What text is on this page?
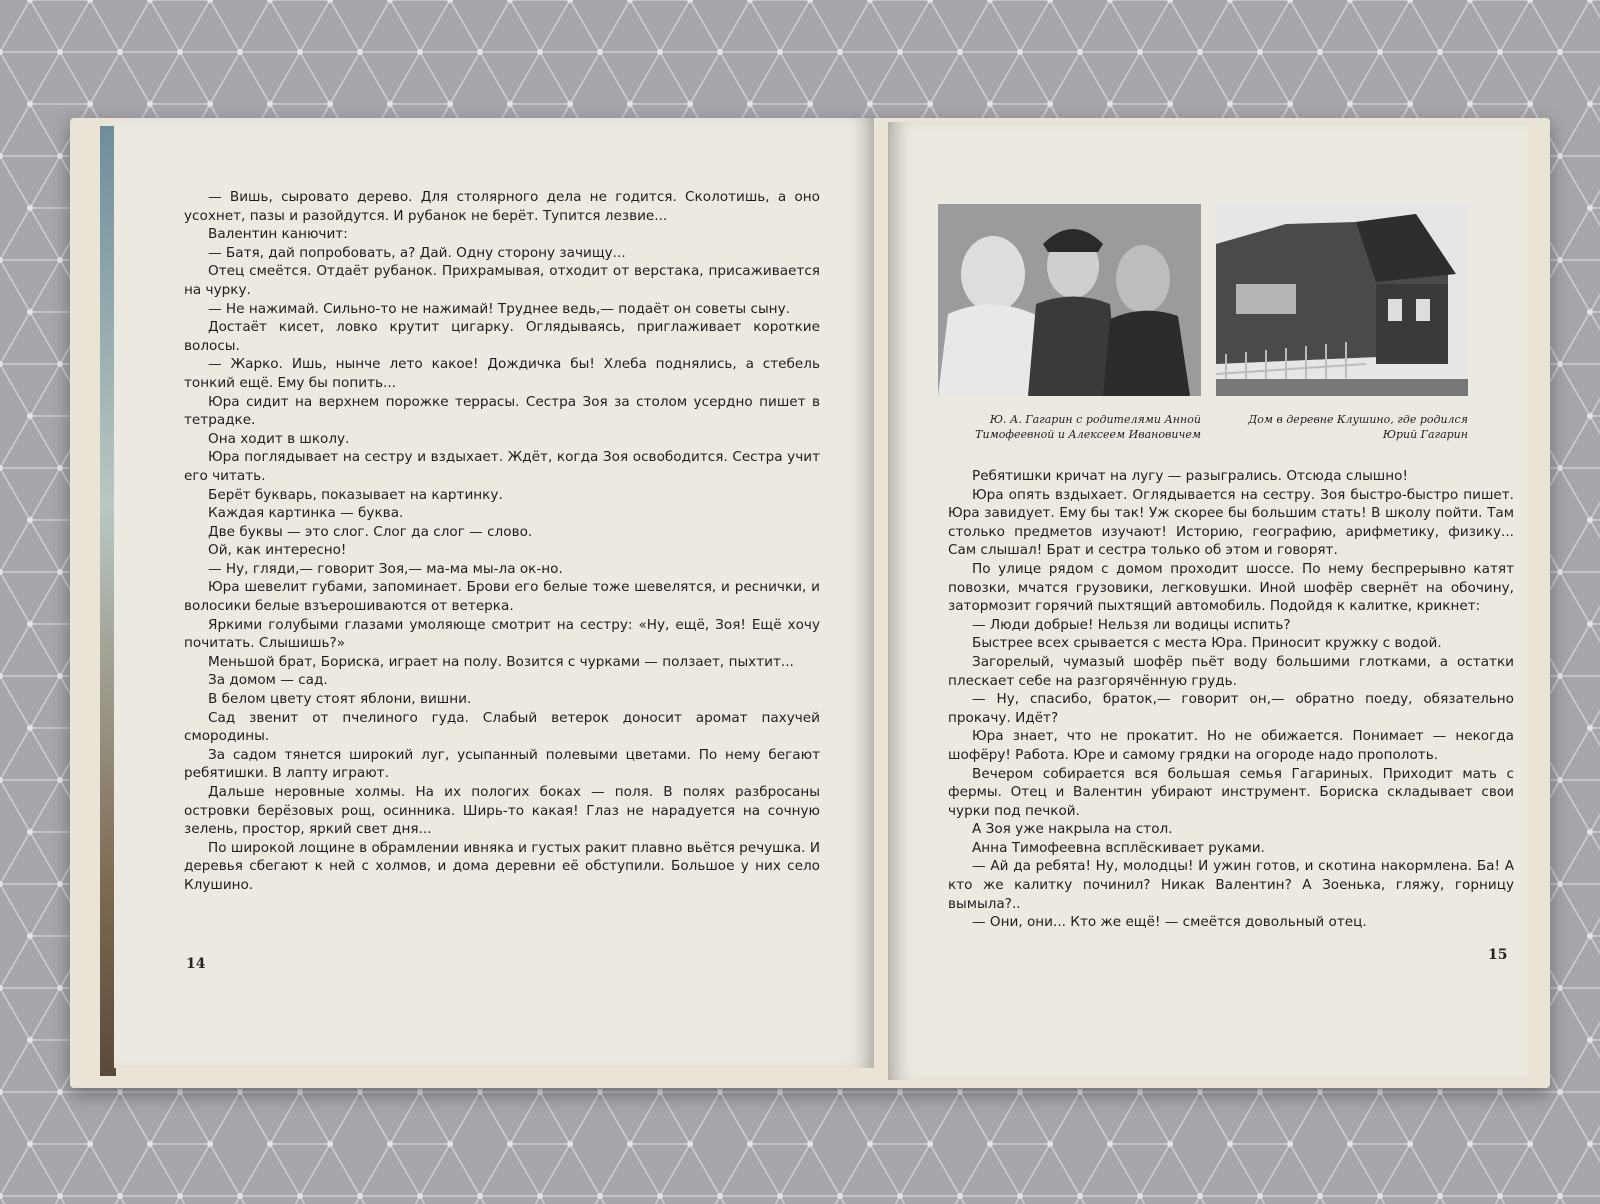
— Вишь, сыровато дерево. Для столярного дела не годится. Сколотишь, а оно усохнет, пазы и разойдутся. И рубанок не берёт. Тупится лезвие...

Валентин канючит:

— Батя, дай попробовать, а? Дай. Одну сторону зачищу...

Отец смеётся. Отдаёт рубанок. Прихрамывая, отходит от верстака, присаживается на чурку.

— Не нажимай. Сильно-то не нажимай! Труднее ведь,— подаёт он советы сыну.

Достаёт кисет, ловко крутит цигарку. Оглядываясь, приглаживает короткие волосы.

— Жарко. Ишь, нынче лето какое! Дождичка бы! Хлеба поднялись, а стебель тонкий ещё. Ему бы попить...

Юра сидит на верхнем порожке террасы. Сестра Зоя за столом усердно пишет в тетрадке.

Она ходит в школу.

Юра поглядывает на сестру и вздыхает. Ждёт, когда Зоя освободится. Сестра учит его читать.

Берёт букварь, показывает на картинку.

Каждая картинка — буква.

Две буквы — это слог. Слог да слог — слово.

Ой, как интересно!

— Ну, гляди,— говорит Зоя,— ма-ма мы-ла ок-но.

Юра шевелит губами, запоминает. Брови его белые тоже шевелятся, и реснички, и волосики белые взъерошиваются от ветерка.

Яркими голубыми глазами умоляюще смотрит на сестру: «Ну, ещё, Зоя! Ещё хочу почитать. Слышишь?»

Меньшой брат, Бориска, играет на полу. Возится с чурками — ползает, пыхтит...

За домом — сад.

В белом цвету стоят яблони, вишни.

Сад звенит от пчелиного гуда. Слабый ветерок доносит аромат пахучей смородины.

За садом тянется широкий луг, усыпанный полевыми цветами. По нему бегают ребятишки. В лапту играют.

Дальше неровные холмы. На их пологих боках — поля. В полях разбросаны островки берёзовых рощ, осинника. Ширь-то какая! Глаз не нарадуется на сочную зелень, простор, яркий свет дня...

По широкой лощине в обрамлении ивняка и густых ракит плавно вьётся речушка. И деревья сбегают к ней с холмов, и дома деревни её обступили. Большое у них село Клушино.

14
Ю. А. Гагарин с родителями Анной Тимофеевной и Алексеем Ивановичем
Дом в деревне Клушино, где родился Юрий Гагарин

Ребятишки кричат на лугу — разыгрались. Отсюда слышно!

Юра опять вздыхает. Оглядывается на сестру. Зоя быстро-быстро пишет. Юра завидует. Ему бы так! Уж скорее бы большим стать! В школу пойти. Там столько предметов изучают! Историю, географию, арифметику, физику... Сам слышал! Брат и сестра только об этом и говорят.

По улице рядом с домом проходит шоссе. По нему беспрерывно катят повозки, мчатся грузовики, легковушки. Иной шофёр свернёт на обочину, затормозит горячий пыхтящий автомобиль. Подойдя к калитке, крикнет:

— Люди добрые! Нельзя ли водицы испить?

Быстрее всех срывается с места Юра. Приносит кружку с водой.

Загорелый, чумазый шофёр пьёт воду большими глотками, а остатки плескает себе на разгорячённую грудь.

— Ну, спасибо, браток,— говорит он,— обратно поеду, обязательно прокачу. Идёт?

Юра знает, что не прокатит. Но не обижается. Понимает — некогда шофёру! Работа. Юре и самому грядки на огороде надо прополоть.

Вечером собирается вся большая семья Гагариных. Приходит мать с фермы. Отец и Валентин убирают инструмент. Бориска складывает свои чурки под печкой.

А Зоя уже накрыла на стол.

Анна Тимофеевна всплёскивает руками.

— Ай да ребята! Ну, молодцы! И ужин готов, и скотина накормлена. Ба! А кто же калитку починил? Никак Валентин? А Зоенька, гляжу, горницу вымыла?..

— Они, они... Кто же ещё! — смеётся довольный отец.

15
